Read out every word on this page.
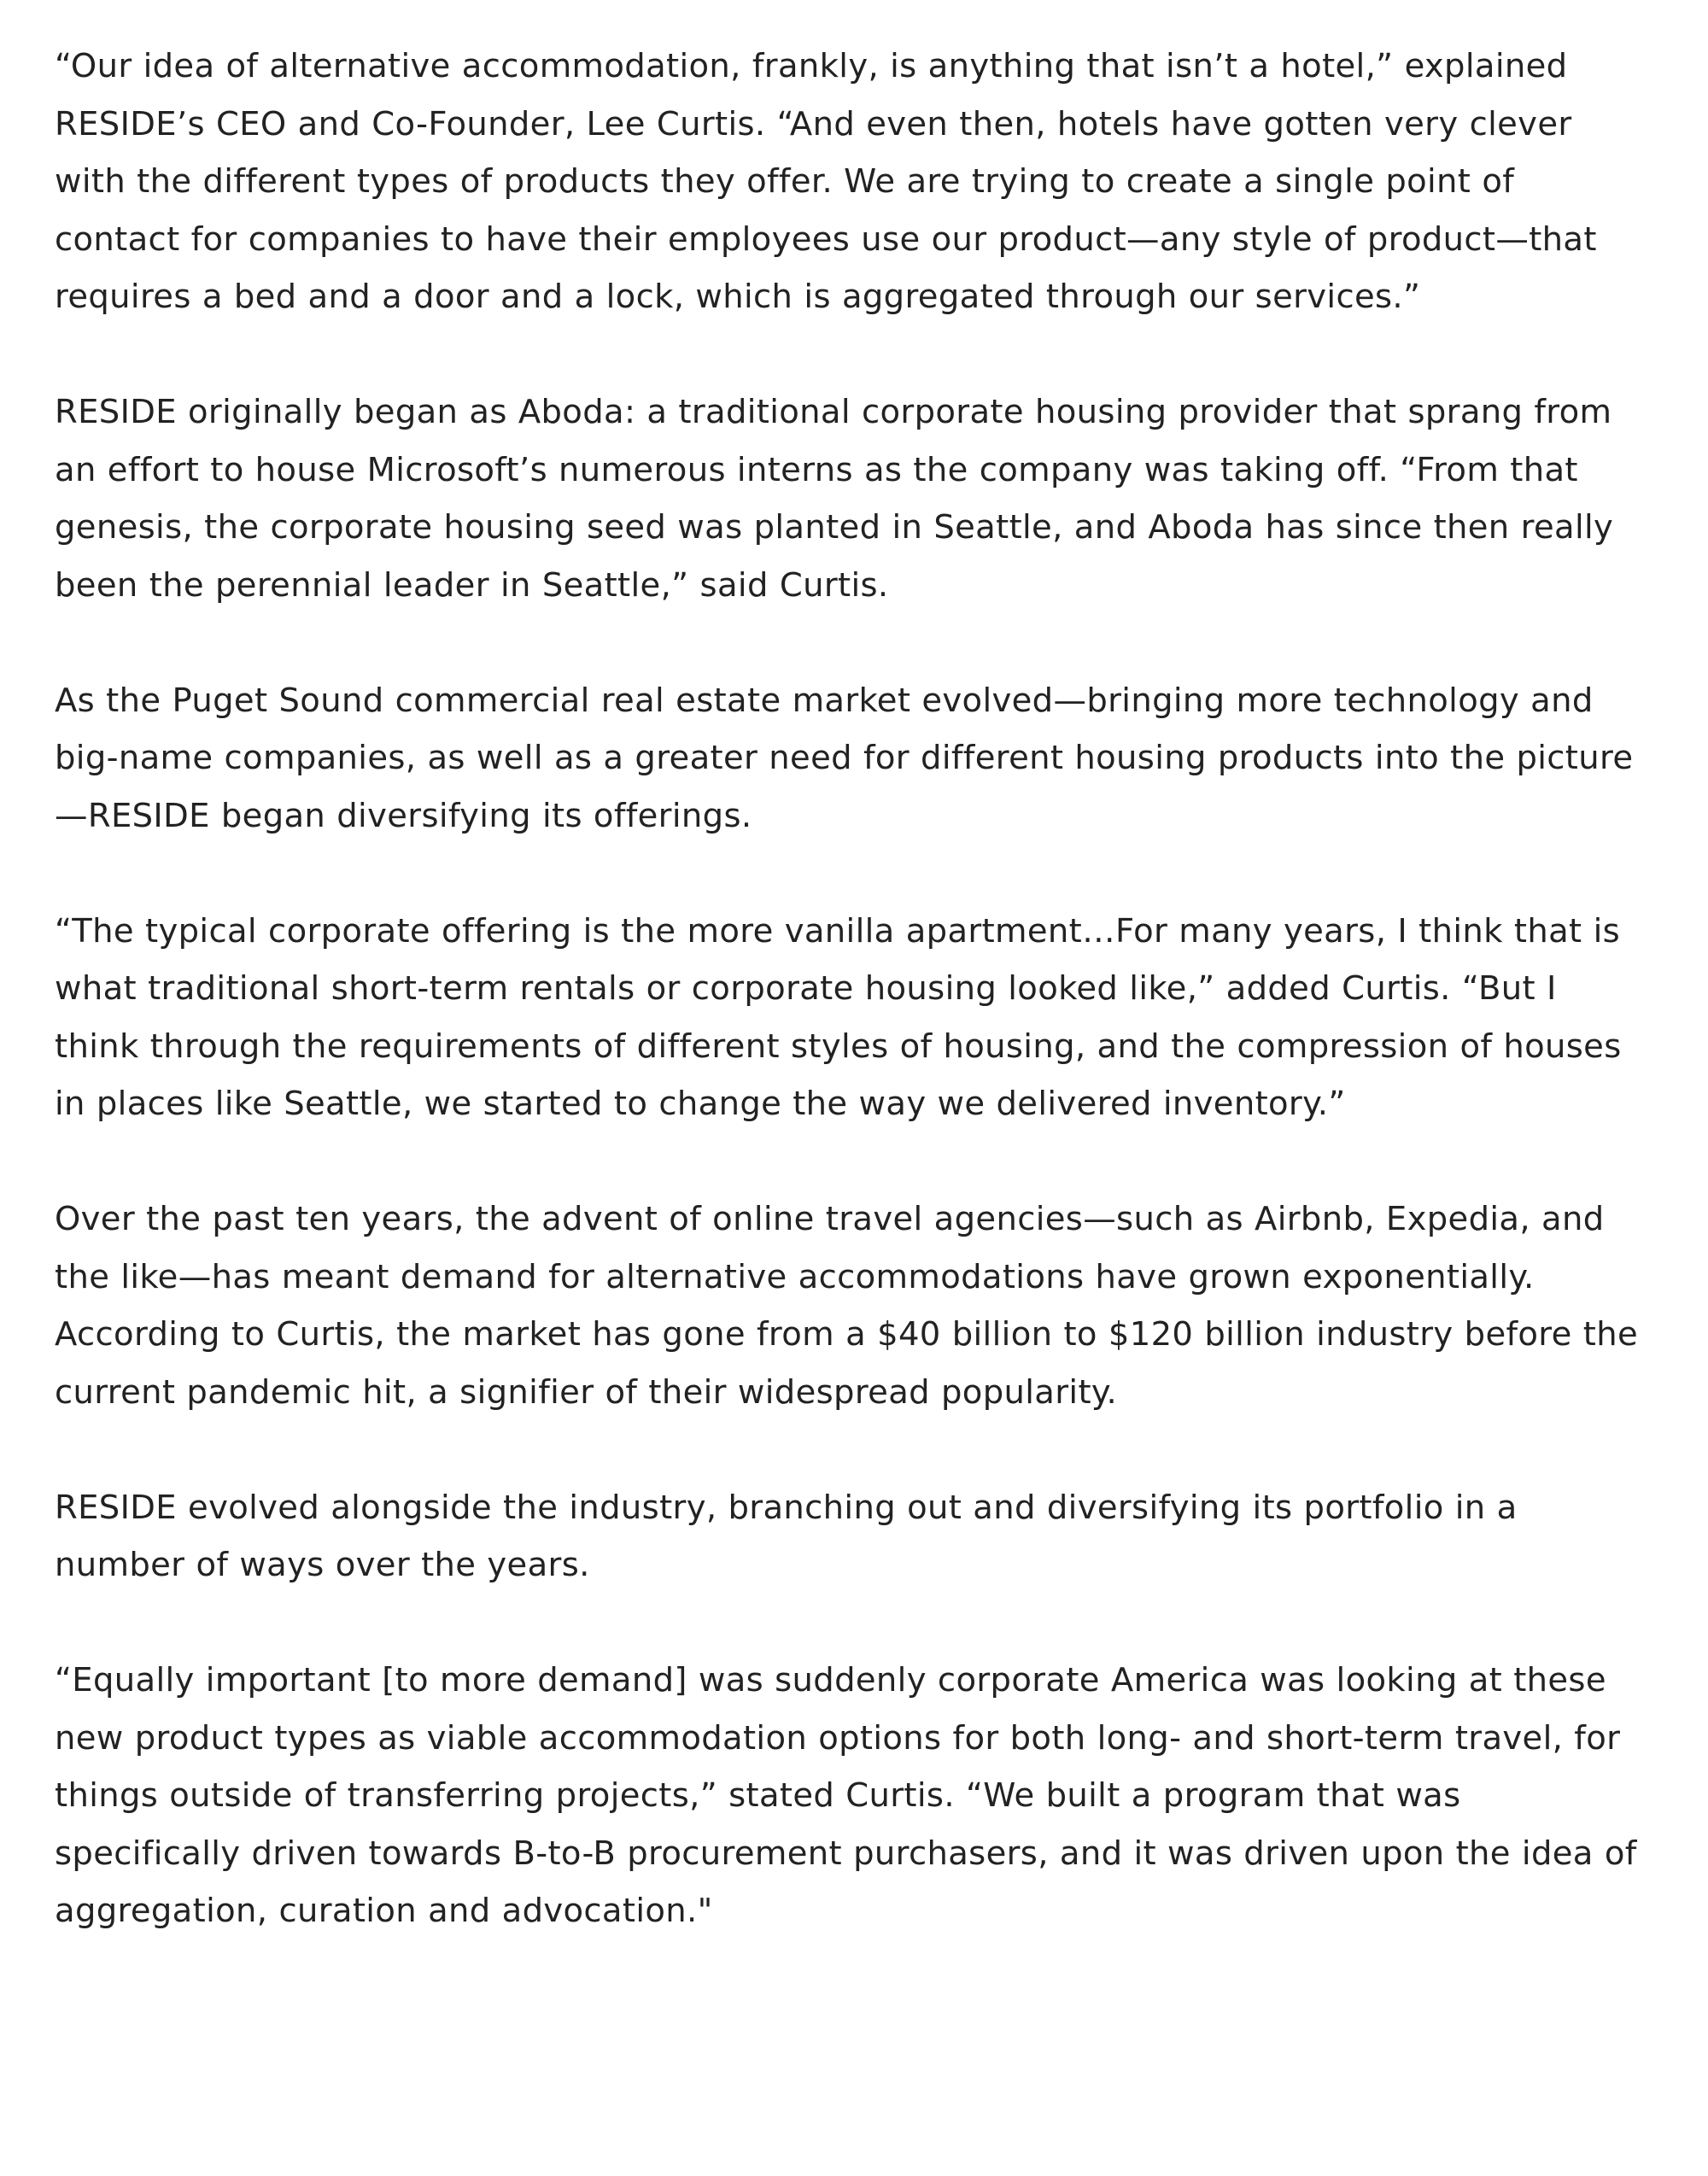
“Our idea of alternative accommodation, frankly, is anything that isn’t a hotel,” explained
RESIDE’s CEO and Co-Founder, Lee Curtis. “And even then, hotels have gotten very clever
with the different types of products they offer. We are trying to create a single point of
contact for companies to have their employees use our product—any style of product—that
requires a bed and a door and a lock, which is aggregated through our services.”

RESIDE originally began as Aboda: a traditional corporate housing provider that sprang from
an effort to house Microsoft’s numerous interns as the company was taking off. “From that
genesis, the corporate housing seed was planted in Seattle, and Aboda has since then really
been the perennial leader in Seattle,” said Curtis.

As the Puget Sound commercial real estate market evolved—bringing more technology and
big-name companies, as well as a greater need for different housing products into the picture
—RESIDE began diversifying its offerings.

“The typical corporate offering is the more vanilla apartment…For many years, I think that is
what traditional short-term rentals or corporate housing looked like,” added Curtis. “But I
think through the requirements of different styles of housing, and the compression of houses
in places like Seattle, we started to change the way we delivered inventory.”

Over the past ten years, the advent of online travel agencies—such as Airbnb, Expedia, and
the like—has meant demand for alternative accommodations have grown exponentially.
According to Curtis, the market has gone from a $40 billion to $120 billion industry before the
current pandemic hit, a signifier of their widespread popularity.

RESIDE evolved alongside the industry, branching out and diversifying its portfolio in a
number of ways over the years.

“Equally important [to more demand] was suddenly corporate America was looking at these
new product types as viable accommodation options for both long- and short-term travel, for
things outside of transferring projects,” stated Curtis. “We built a program that was
specifically driven towards B-to-B procurement purchasers, and it was driven upon the idea of
aggregation, curation and advocation."
